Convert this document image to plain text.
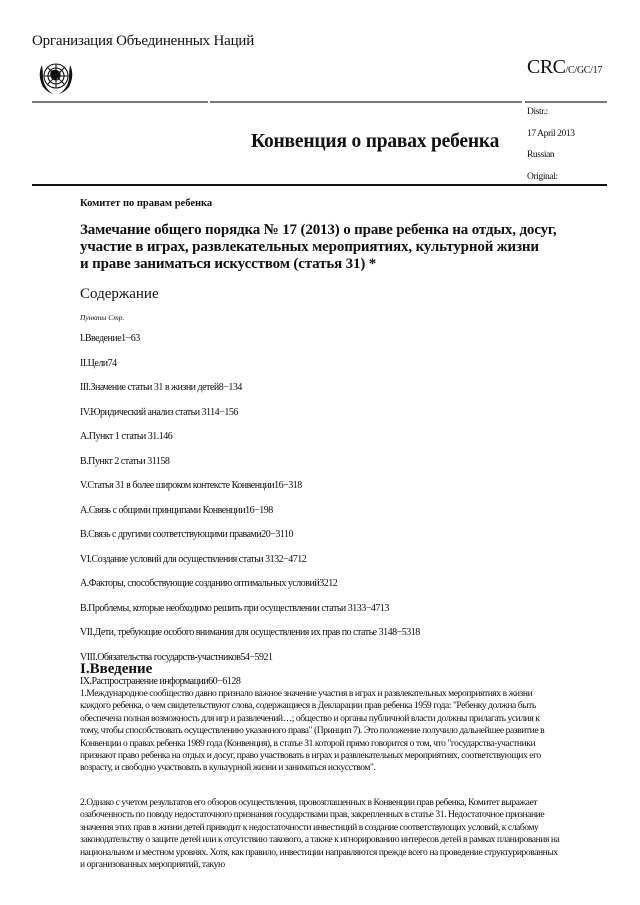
Организация Объединенных Наций
CRC/C/GC/17
Конвенция о правах ребенка
Distr.:
17 April 2013
Russian
Original:
Комитет по правам ребенка
Замечание общего порядка № 17 (2013) о праве ребенка на отдых, досуг,
участие в играх, развлекательных мероприятиях, культурной жизни
и праве заниматься искусством (статья 31) *
Содержание
Пункты Стр.
I.Введение1−63
II.Цели74
III.Значение статьи 31 в жизни детей8−134
IV.Юридический анализ статьи 3114−156
A.Пункт 1 статьи 31.146
B.Пункт 2 статьи 31158
V.Статья 31 в более широком контексте Конвенции16−318
A.Связь с общими принципами Конвенции16−198
B.Связь с другими соответствующими правами20−3110
VI.Создание условий для осуществления статьи 3132−4712
A.Факторы, способствующие созданию оптимальных условий3212
B.Проблемы, которые необходимо решить при осуществлении статьи 3133−4713
VII.Дети, требующие особого внимания для осуществления их прав по статье 3148−5318
VIII.Обязательства государств-участников54−5921
IX.Распространение информации60−6128
I.Введение
1.Международное сообщество давно признало важное значение участия в играх и развлекательных мероприятиях в жизни каждого ребенка, о чем свидетельствуют слова, содержащиеся в Декларации прав ребенка 1959 года: "Ребенку должна быть обеспечена полная возможность для игр и развлечений…; общество и органы публичной власти должны прилагать усилия к тому, чтобы способствовать осуществлению указанного права" (Принцип 7). Это положение получило дальнейшее развитие в Конвенции о правах ребенка 1989 года (Конвенция), в статье 31 которой прямо говорится о том, что "государства-участники признают право ребенка на отдых и досуг, право участвовать в играх и развлекательных мероприятиях, соответствующих его возрасту, и свободно участвовать в культурной жизни и заниматься искусством".
2.Однако с учетом результатов его обзоров осуществления, провозглашенных в Конвенции прав ребенка, Комитет выражает озабоченность по поводу недостаточного признания государствами прав, закрепленных в статье 31. Недостаточное признание значения этих прав в жизни детей приводит к недостаточности инвестиций в создание соответствующих условий, к слабому законодательству о защите детей или к отсутствию такового, а также к игнорированию интересов детей в рамках планирования на национальном и местном уровнях. Хотя, как правило, инвестиции направляются прежде всего на проведение структурированных и организованных мероприятий, такую
